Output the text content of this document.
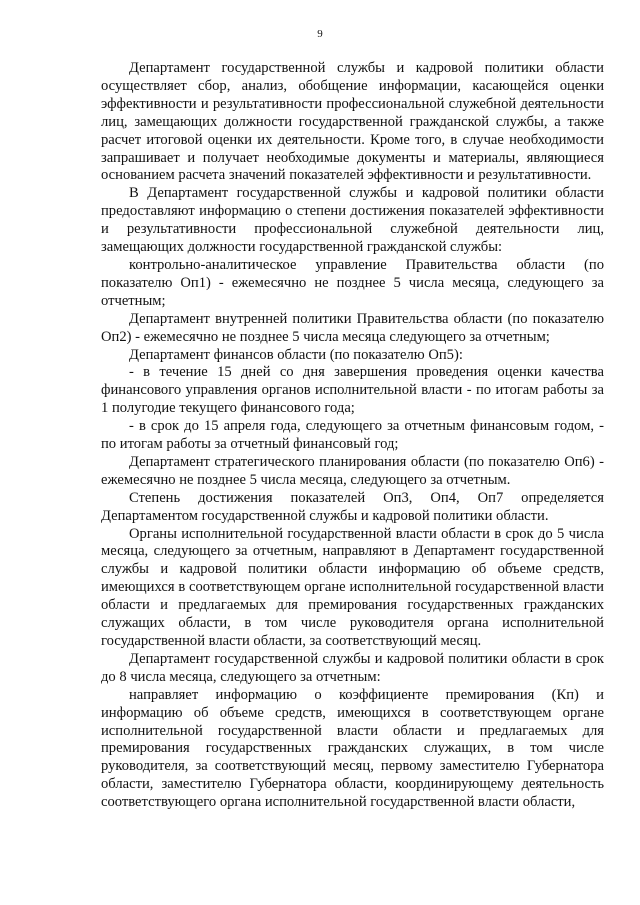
9

Департамент государственной службы и кадровой политики области осуществляет сбор, анализ, обобщение информации, касающейся оценки эффективности и результативности профессиональной служебной деятельности лиц, замещающих должности государственной гражданской службы, а также расчет итоговой оценки их деятельности. Кроме того, в случае необходимости запрашивает и получает необходимые документы и материалы, являющиеся основанием расчета значений показателей эффективности и результативности.

В Департамент государственной службы и кадровой политики области предоставляют информацию о степени достижения показателей эффективности и результативности профессиональной служебной деятельности лиц, замещающих должности государственной гражданской службы:

контрольно-аналитическое управление Правительства области (по показателю Оп1) - ежемесячно не позднее 5 числа месяца, следующего за отчетным;

Департамент внутренней политики Правительства области (по показателю Оп2) - ежемесячно не позднее 5 числа месяца следующего за отчетным;

Департамент финансов области (по показателю Оп5):

- в течение 15 дней со дня завершения проведения оценки качества финансового управления органов исполнительной власти - по итогам работы за 1 полугодие текущего финансового года;

- в срок до 15 апреля года, следующего за отчетным финансовым годом, - по итогам работы за отчетный финансовый год;

Департамент стратегического планирования области (по показателю Оп6) - ежемесячно не позднее 5 числа месяца, следующего за отчетным.

Степень достижения показателей Оп3, Оп4, Оп7 определяется Департаментом государственной службы и кадровой политики области.

Органы исполнительной государственной власти области в срок до 5 числа месяца, следующего за отчетным, направляют в Департамент государственной службы и кадровой политики области информацию об объеме средств, имеющихся в соответствующем органе исполнительной государственной власти области и предлагаемых для премирования государственных гражданских служащих области, в том числе руководителя органа исполнительной государственной власти области, за соответствующий месяц.

Департамент государственной службы и кадровой политики области в срок до 8 числа месяца, следующего за отчетным:

направляет информацию о коэффициенте премирования (Кп) и информацию об объеме средств, имеющихся в соответствующем органе исполнительной государственной власти области и предлагаемых для премирования государственных гражданских служащих, в том числе руководителя, за соответствующий месяц, первому заместителю Губернатора области, заместителю Губернатора области, координирующему деятельность соответствующего органа исполнительной государственной власти области,
